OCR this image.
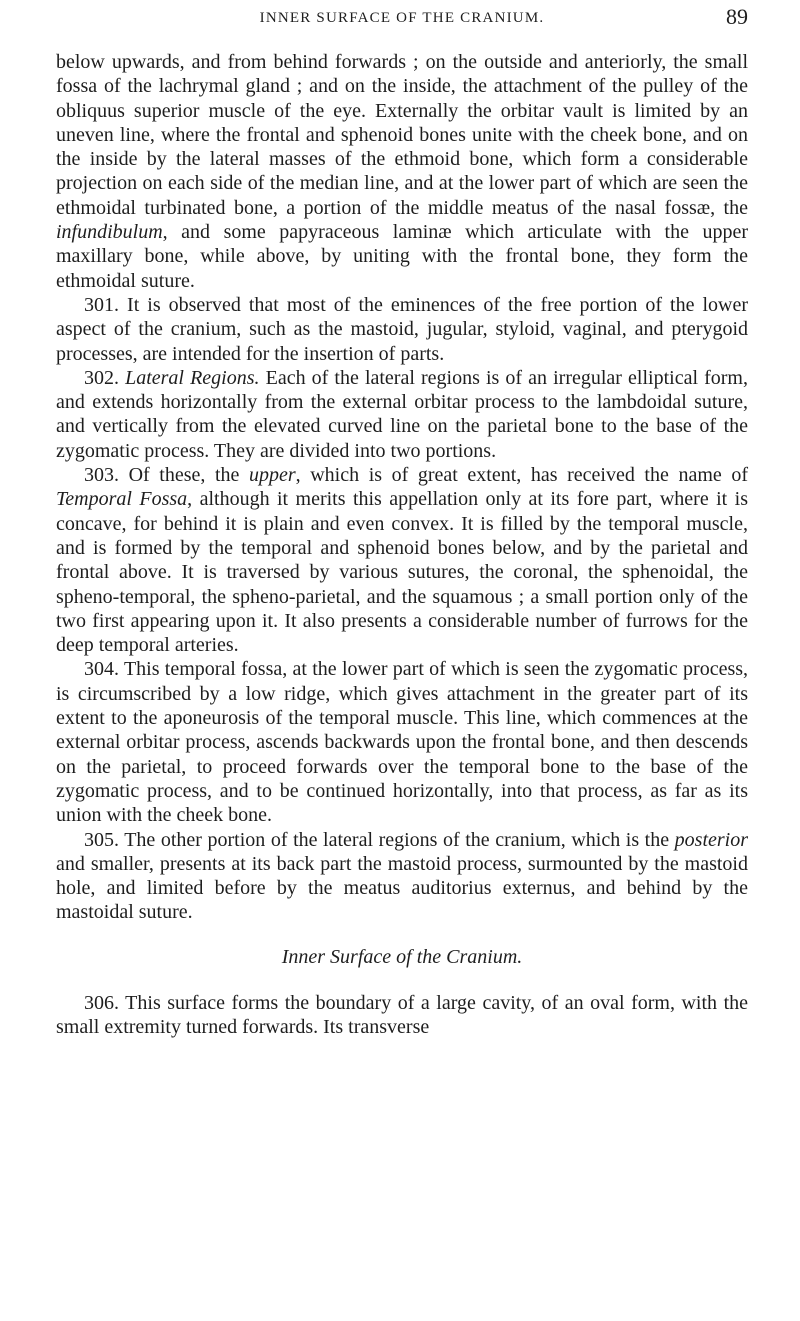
INNER SURFACE OF THE CRANIUM.	89

below upwards, and from behind forwards ; on the outside and anteriorly, the small fossa of the lachrymal gland ; and on the inside, the attachment of the pulley of the obliquus superior muscle of the eye. Externally the orbitar vault is limited by an uneven line, where the frontal and sphenoid bones unite with the cheek bone, and on the inside by the lateral masses of the ethmoid bone, which form a considerable projection on each side of the median line, and at the lower part of which are seen the ethmoidal turbinated bone, a portion of the middle meatus of the nasal fossæ, the infundibulum, and some papyraceous laminæ which articulate with the upper maxillary bone, while above, by uniting with the frontal bone, they form the ethmoidal suture.

301. It is observed that most of the eminences of the free portion of the lower aspect of the cranium, such as the mastoid, jugular, styloid, vaginal, and pterygoid processes, are intended for the insertion of parts.

302. Lateral Regions. Each of the lateral regions is of an irregular elliptical form, and extends horizontally from the external orbitar process to the lambdoidal suture, and vertically from the elevated curved line on the parietal bone to the base of the zygomatic process. They are divided into two portions.

303. Of these, the upper, which is of great extent, has received the name of Temporal Fossa, although it merits this appellation only at its fore part, where it is concave, for behind it is plain and even convex. It is filled by the temporal muscle, and is formed by the temporal and sphenoid bones below, and by the parietal and frontal above. It is traversed by various sutures, the coronal, the sphenoidal, the spheno-temporal, the spheno-parietal, and the squamous ; a small portion only of the two first appearing upon it. It also presents a considerable number of furrows for the deep temporal arteries.

304. This temporal fossa, at the lower part of which is seen the zygomatic process, is circumscribed by a low ridge, which gives attachment in the greater part of its extent to the aponeurosis of the temporal muscle. This line, which commences at the external orbitar process, ascends backwards upon the frontal bone, and then descends on the parietal, to proceed forwards over the temporal bone to the base of the zygomatic process, and to be continued horizontally, into that process, as far as its union with the cheek bone.

305. The other portion of the lateral regions of the cranium, which is the posterior and smaller, presents at its back part the mastoid process, surmounted by the mastoid hole, and limited before by the meatus auditorius externus, and behind by the mastoidal suture.

Inner Surface of the Cranium.

306. This surface forms the boundary of a large cavity, of an oval form, with the small extremity turned forwards. Its transverse
